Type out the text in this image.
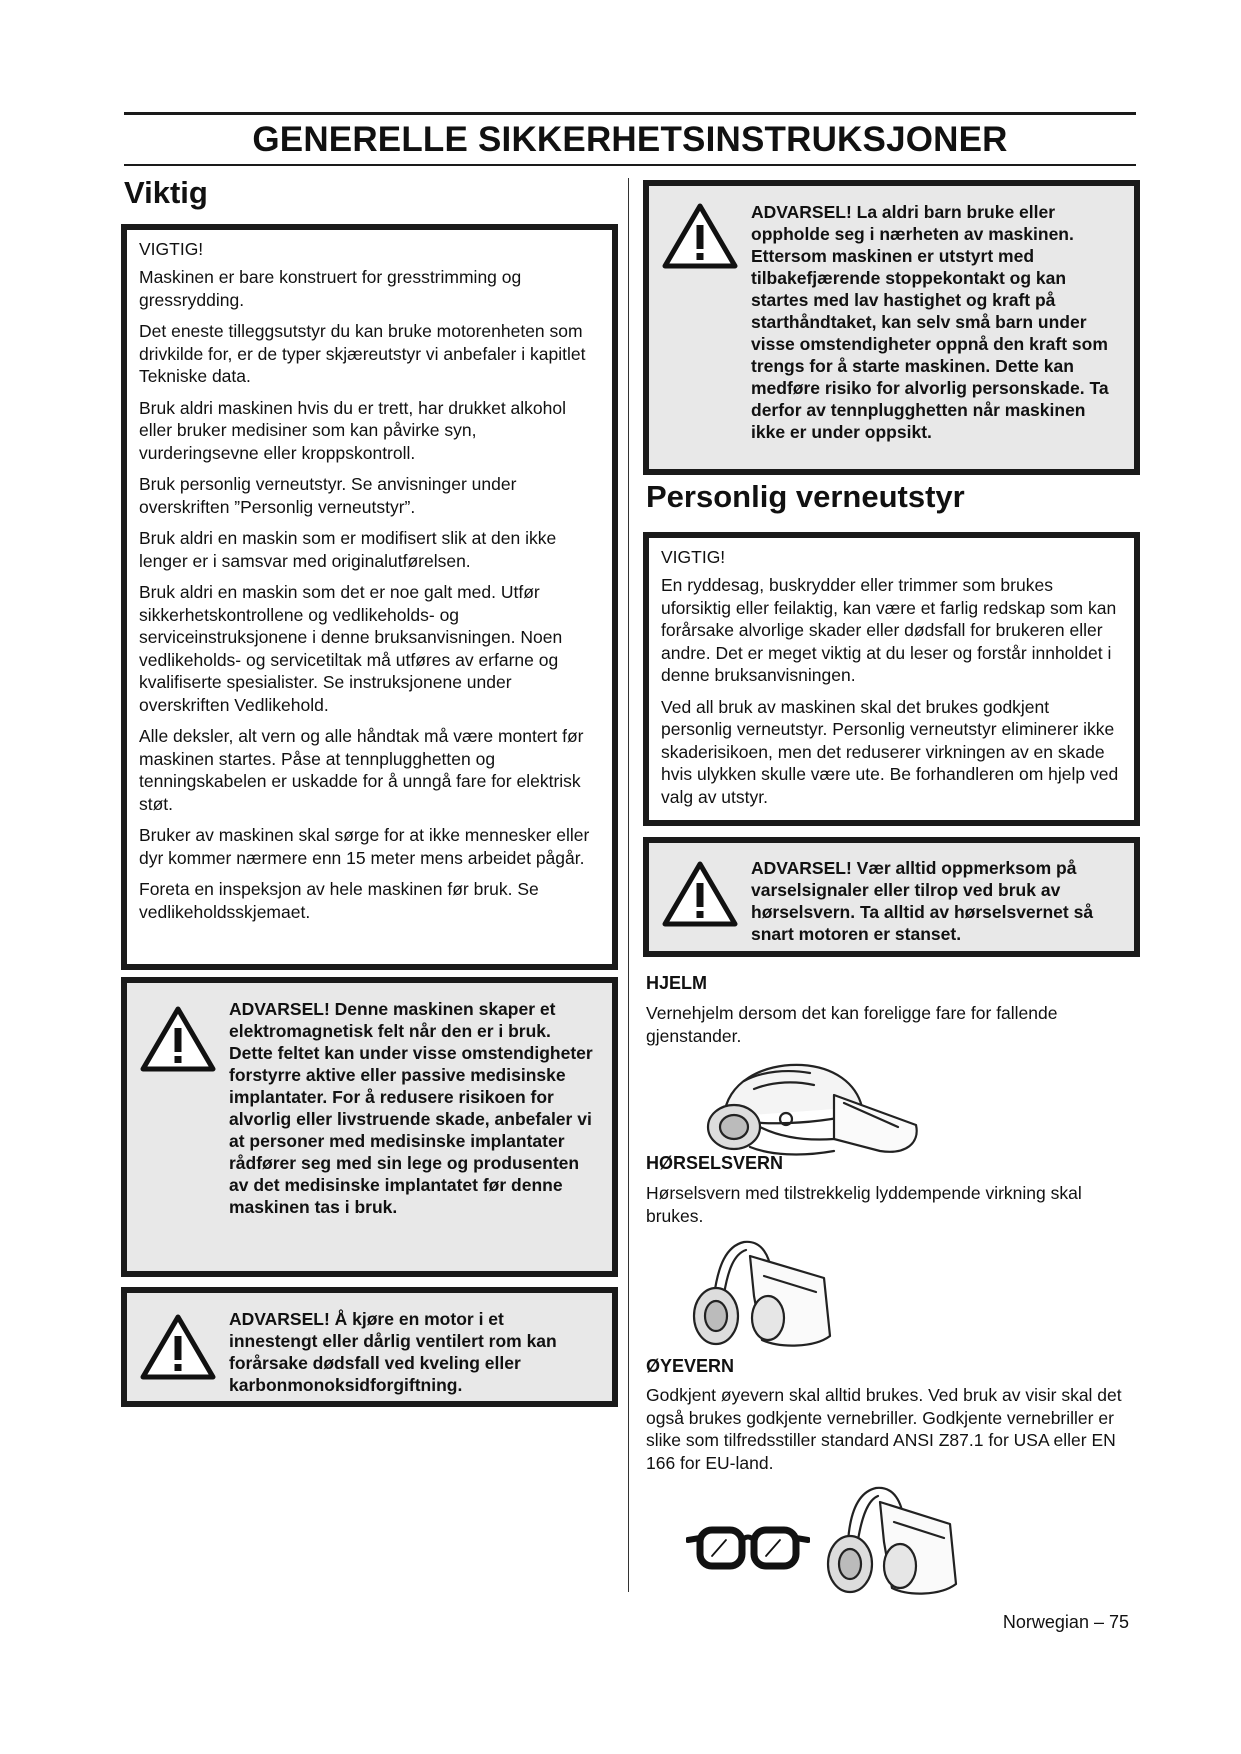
GENERELLE SIKKERHETSINSTRUKSJONER
Viktig
VIGTIG!

Maskinen er bare konstruert for gresstrimming og gressrydding.

Det eneste tilleggsutstyr du kan bruke motorenheten som drivkilde for, er de typer skjæreutstyr vi anbefaler i kapitlet Tekniske data.

Bruk aldri maskinen hvis du er trett, har drukket alkohol eller bruker medisiner som kan påvirke syn, vurderingsevne eller kroppskontroll.

Bruk personlig verneutstyr. Se anvisninger under overskriften ”Personlig verneutstyr”.

Bruk aldri en maskin som er modifisert slik at den ikke lenger er i samsvar med originalutførelsen.

Bruk aldri en maskin som det er noe galt med. Utfør sikkerhetskontrollene og vedlikeholds- og serviceinstruksjonene i denne bruksanvisningen. Noen vedlikeholds- og servicetiltak må utføres av erfarne og kvalifiserte spesialister. Se instruksjonene under overskriften Vedlikehold.

Alle deksler, alt vern og alle håndtak må være montert før maskinen startes. Påse at tennplugghetten og tenningskabelen er uskadde for å unngå fare for elektrisk støt.

Bruker av maskinen skal sørge for at ikke mennesker eller dyr kommer nærmere enn 15 meter mens arbeidet pågår.

Foreta en inspeksjon av hele maskinen før bruk. Se vedlikeholdsskjemaet.

ADVARSEL! Denne maskinen skaper et elektromagnetisk felt når den er i bruk. Dette feltet kan under visse omstendigheter forstyrre aktive eller passive medisinske implantater. For å redusere risikoen for alvorlig eller livstruende skade, anbefaler vi at personer med medisinske implantater rådfører seg med sin lege og produsenten av det medisinske implantatet før denne maskinen tas i bruk.

ADVARSEL! Å kjøre en motor i et innestengt eller dårlig ventilert rom kan forårsake dødsfall ved kveling eller karbonmonoksidforgiftning.

ADVARSEL! La aldri barn bruke eller oppholde seg i nærheten av maskinen. Ettersom maskinen er utstyrt med tilbakefjærende stoppekontakt og kan startes med lav hastighet og kraft på starthåndtaket, kan selv små barn under visse omstendigheter oppnå den kraft som trengs for å starte maskinen. Dette kan medføre risiko for alvorlig personskade. Ta derfor av tennplugghetten når maskinen ikke er under oppsikt.

Personlig verneutstyr
VIGTIG!

En ryddesag, buskrydder eller trimmer som brukes uforsiktig eller feilaktig, kan være et farlig redskap som kan forårsake alvorlige skader eller dødsfall for brukeren eller andre. Det er meget viktig at du leser og forstår innholdet i denne bruksanvisningen.

Ved all bruk av maskinen skal det brukes godkjent personlig verneutstyr. Personlig verneutstyr eliminerer ikke skaderisikoen, men det reduserer virkningen av en skade hvis ulykken skulle være ute. Be forhandleren om hjelp ved valg av utstyr.

ADVARSEL! Vær alltid oppmerksom på varselsignaler eller tilrop ved bruk av hørselsvern. Ta alltid av hørselsvernet så snart motoren er stanset.

HJELM

Vernehjelm dersom det kan foreligge fare for fallende gjenstander.

HØRSELSVERN

Hørselsvern med tilstrekkelig lyddempende virkning skal brukes.

ØYEVERN

Godkjent øyevern skal alltid brukes. Ved bruk av visir skal det også brukes godkjente vernebriller. Godkjente vernebriller er slike som tilfredsstiller standard ANSI Z87.1 for USA eller EN 166 for EU-land.

Norwegian – 75
